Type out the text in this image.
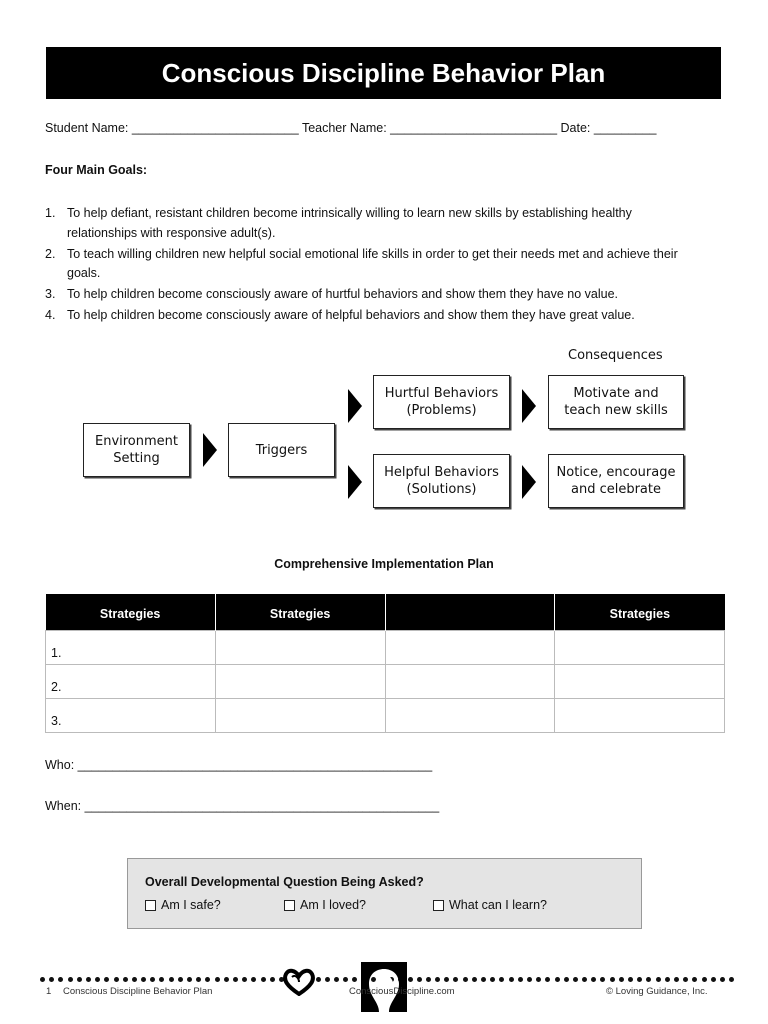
Conscious Discipline Behavior Plan
Student Name: ________________________ Teacher Name: ________________________ Date: _________
Four Main Goals:
1. To help defiant, resistant children become intrinsically willing to learn new skills by establishing healthy relationships with responsive adult(s).
2. To teach willing children new helpful social emotional life skills in order to get their needs met and achieve their goals.
3. To help children become consciously aware of hurtful behaviors and show them they have no value.
4. To help children become consciously aware of helpful behaviors and show them they have great value.
Consequences
Environment
Setting
Triggers
Hurtful Behaviors
(Problems)
Helpful Behaviors
(Solutions)
Motivate and
teach new skills
Notice, encourage
and celebrate
Comprehensive Implementation Plan
Strategies	Strategies		Strategies
1.			
2.			
3.			
Who: ___________________________________________________
When: ___________________________________________________
Overall Developmental Question Being Asked?
Am I safe?	Am I loved?	What can I learn?
1 Conscious Discipline Behavior Plan	ConsciousDiscipline.com	© Loving Guidance, Inc.
